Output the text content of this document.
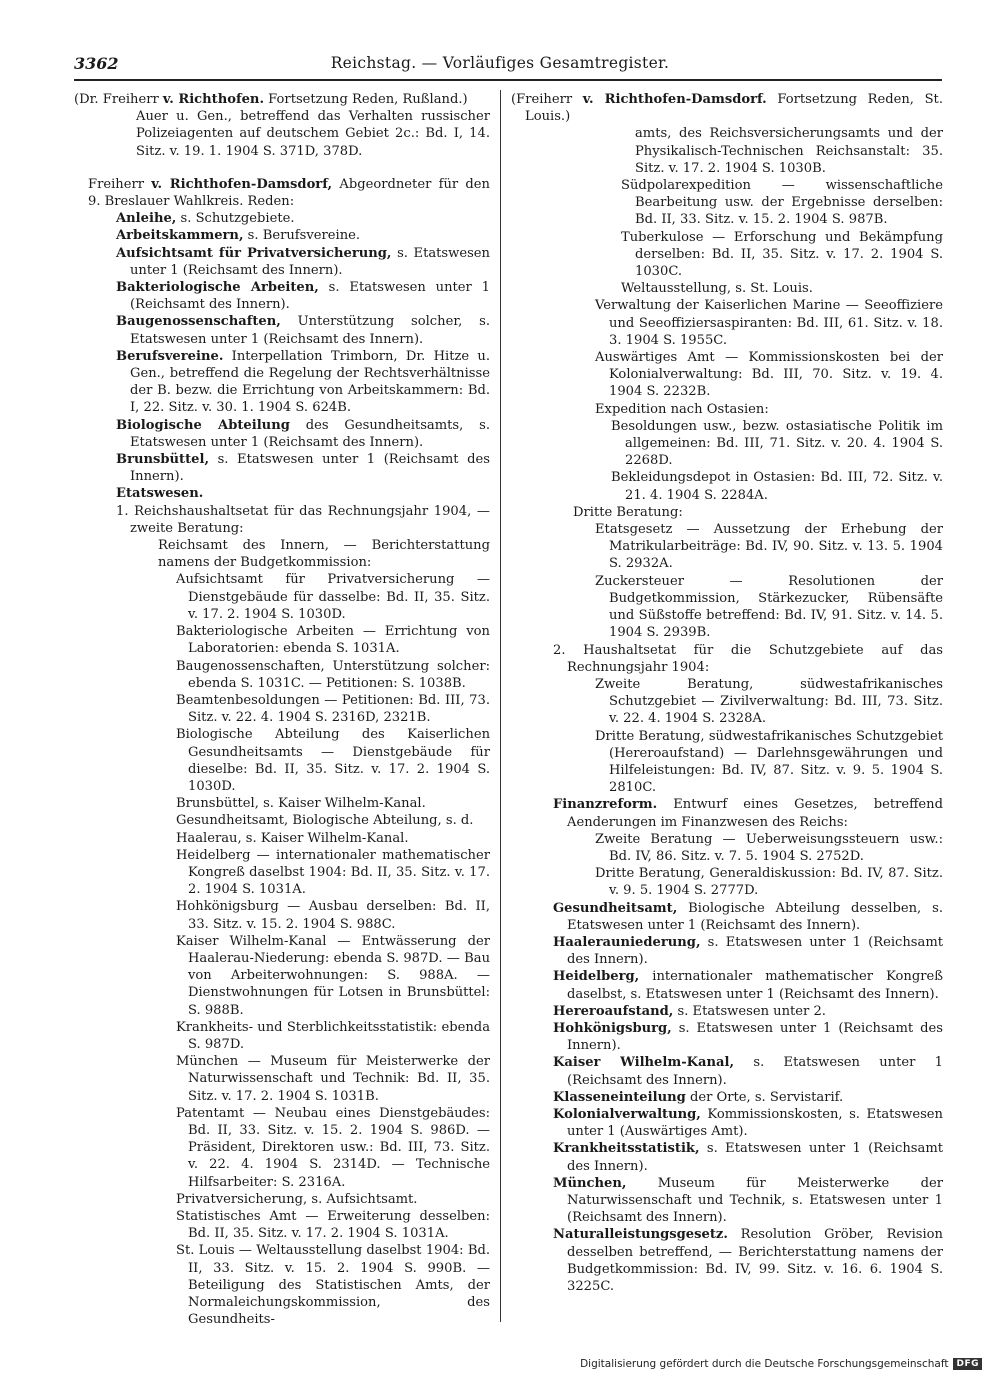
3362	Reichstag. — Vorläufiges Gesamtregister.

(Dr. Freiherr v. Richthofen. Fortsetzung Reden, Rußland.)

Auer u. Gen., betreffend das Verhalten russischer Polizeiagenten auf deutschem Gebiet 2c.: Bd. I, 14. Sitz. v. 19. 1. 1904 S. 371D, 378D.

Freiherr v. Richthofen-Damsdorf, Abgeordneter für den 9. Breslauer Wahlkreis. Reden:

Anleihe, s. Schutzgebiete.

Arbeitskammern, s. Berufsvereine.

Aufsichtsamt für Privatversicherung, s. Etatswesen unter 1 (Reichsamt des Innern).

Bakteriologische Arbeiten, s. Etatswesen unter 1 (Reichsamt des Innern).

Baugenossenschaften, Unterstützung solcher, s. Etatswesen unter 1 (Reichsamt des Innern).

Berufsvereine. Interpellation Trimborn, Dr. Hitze u. Gen., betreffend die Regelung der Rechtsverhältnisse der B. bezw. die Errichtung von Arbeitskammern: Bd. I, 22. Sitz. v. 30. 1. 1904 S. 624B.

Biologische Abteilung des Gesundheitsamts, s. Etatswesen unter 1 (Reichsamt des Innern).

Brunsbüttel, s. Etatswesen unter 1 (Reichsamt des Innern).

Etatswesen.

1. Reichshaushaltsetat für das Rechnungsjahr 1904, — zweite Beratung:

Reichsamt des Innern, — Berichterstattung namens der Budgetkommission:

Aufsichtsamt für Privatversicherung — Dienstgebäude für dasselbe: Bd. II, 35. Sitz. v. 17. 2. 1904 S. 1030D.

Bakteriologische Arbeiten — Errichtung von Laboratorien: ebenda S. 1031A.

Baugenossenschaften, Unterstützung solcher: ebenda S. 1031C. — Petitionen: S. 1038B.

Beamtenbesoldungen — Petitionen: Bd. III, 73. Sitz. v. 22. 4. 1904 S. 2316D, 2321B.

Biologische Abteilung des Kaiserlichen Gesundheitsamts — Dienstgebäude für dieselbe: Bd. II, 35. Sitz. v. 17. 2. 1904 S. 1030D.

Brunsbüttel, s. Kaiser Wilhelm-Kanal.

Gesundheitsamt, Biologische Abteilung, s. d.

Haalerau, s. Kaiser Wilhelm-Kanal.

Heidelberg — internationaler mathematischer Kongreß daselbst 1904: Bd. II, 35. Sitz. v. 17. 2. 1904 S. 1031A.

Hohkönigsburg — Ausbau derselben: Bd. II, 33. Sitz. v. 15. 2. 1904 S. 988C.

Kaiser Wilhelm-Kanal — Entwässerung der Haalerau-Niederung: ebenda S. 987D. — Bau von Arbeiterwohnungen: S. 988A. — Dienstwohnungen für Lotsen in Brunsbüttel: S. 988B.

Krankheits- und Sterblichkeitsstatistik: ebenda S. 987D.

München — Museum für Meisterwerke der Naturwissenschaft und Technik: Bd. II, 35. Sitz. v. 17. 2. 1904 S. 1031B.

Patentamt — Neubau eines Dienstgebäudes: Bd. II, 33. Sitz. v. 15. 2. 1904 S. 986D. — Präsident, Direktoren usw.: Bd. III, 73. Sitz. v. 22. 4. 1904 S. 2314D. — Technische Hilfsarbeiter: S. 2316A.

Privatversicherung, s. Aufsichtsamt.

Statistisches Amt — Erweiterung desselben: Bd. II, 35. Sitz. v. 17. 2. 1904 S. 1031A.

St. Louis — Weltausstellung daselbst 1904: Bd. II, 33. Sitz. v. 15. 2. 1904 S. 990B. — Beteiligung des Statistischen Amts, der Normaleichungskommission, des Gesundheits-

(Freiherr v. Richthofen-Damsdorf. Fortsetzung Reden, St. Louis.)

amts, des Reichsversicherungsamts und der Physikalisch-Technischen Reichsanstalt: 35. Sitz. v. 17. 2. 1904 S. 1030B.

Südpolarexpedition — wissenschaftliche Bearbeitung usw. der Ergebnisse derselben: Bd. II, 33. Sitz. v. 15. 2. 1904 S. 987B.

Tuberkulose — Erforschung und Bekämpfung derselben: Bd. II, 35. Sitz. v. 17. 2. 1904 S. 1030C.

Weltausstellung, s. St. Louis.

Verwaltung der Kaiserlichen Marine — Seeoffiziere und Seeoffiziersaspiranten: Bd. III, 61. Sitz. v. 18. 3. 1904 S. 1955C.

Auswärtiges Amt — Kommissionskosten bei der Kolonialverwaltung: Bd. III, 70. Sitz. v. 19. 4. 1904 S. 2232B.

Expedition nach Ostasien:

Besoldungen usw., bezw. ostasiatische Politik im allgemeinen: Bd. III, 71. Sitz. v. 20. 4. 1904 S. 2268D.

Bekleidungsdepot in Ostasien: Bd. III, 72. Sitz. v. 21. 4. 1904 S. 2284A.

Dritte Beratung:

Etatsgesetz — Aussetzung der Erhebung der Matrikularbeiträge: Bd. IV, 90. Sitz. v. 13. 5. 1904 S. 2932A.

Zuckersteuer — Resolutionen der Budgetkommission, Stärkezucker, Rübensäfte und Süßstoffe betreffend: Bd. IV, 91. Sitz. v. 14. 5. 1904 S. 2939B.

2. Haushaltsetat für die Schutzgebiete auf das Rechnungsjahr 1904:

Zweite Beratung, südwestafrikanisches Schutzgebiet — Zivilverwaltung: Bd. III, 73. Sitz. v. 22. 4. 1904 S. 2328A.

Dritte Beratung, südwestafrikanisches Schutzgebiet (Hereroaufstand) — Darlehnsgewährungen und Hilfeleistungen: Bd. IV, 87. Sitz. v. 9. 5. 1904 S. 2810C.

Finanzreform. Entwurf eines Gesetzes, betreffend Aenderungen im Finanzwesen des Reichs:

Zweite Beratung — Ueberweisungssteuern usw.: Bd. IV, 86. Sitz. v. 7. 5. 1904 S. 2752D.

Dritte Beratung, Generaldiskussion: Bd. IV, 87. Sitz. v. 9. 5. 1904 S. 2777D.

Gesundheitsamt, Biologische Abteilung desselben, s. Etatswesen unter 1 (Reichsamt des Innern).

Haalerauniederung, s. Etatswesen unter 1 (Reichsamt des Innern).

Heidelberg, internationaler mathematischer Kongreß daselbst, s. Etatswesen unter 1 (Reichsamt des Innern).

Hereroaufstand, s. Etatswesen unter 2.

Hohkönigsburg, s. Etatswesen unter 1 (Reichsamt des Innern).

Kaiser Wilhelm-Kanal, s. Etatswesen unter 1 (Reichsamt des Innern).

Klasseneinteilung der Orte, s. Servistarif.

Kolonialverwaltung, Kommissionskosten, s. Etatswesen unter 1 (Auswärtiges Amt).

Krankheitsstatistik, s. Etatswesen unter 1 (Reichsamt des Innern).

München, Museum für Meisterwerke der Naturwissenschaft und Technik, s. Etatswesen unter 1 (Reichsamt des Innern).

Naturalleistungsgesetz. Resolution Gröber, Revision desselben betreffend, — Berichterstattung namens der Budgetkommission: Bd. IV, 99. Sitz. v. 16. 6. 1904 S. 3225C.

Digitalisierung gefördert durch die Deutsche Forschungsgemeinschaft DFG
